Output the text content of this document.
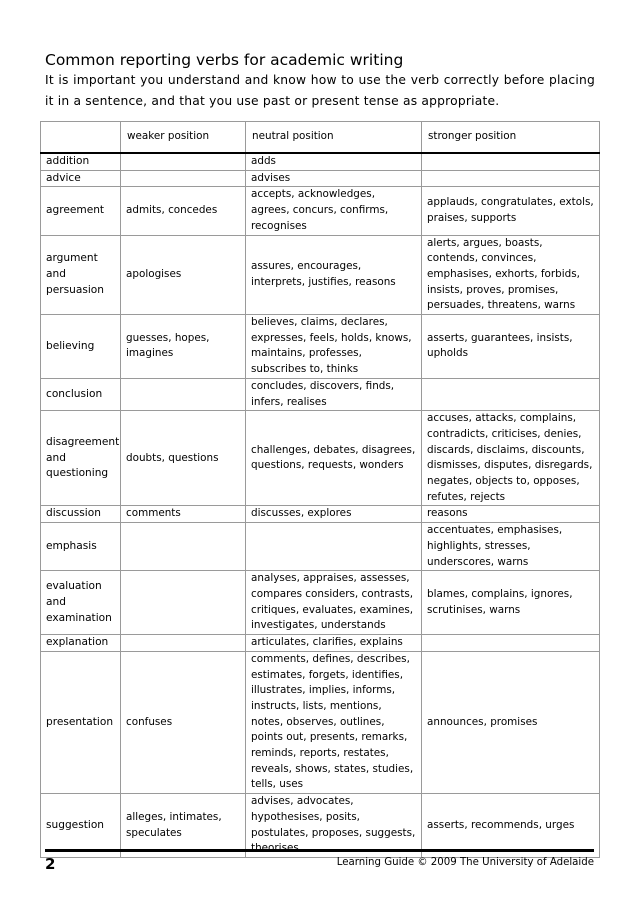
Common reporting verbs for academic writing
It is important you understand and know how to use the verb correctly before placing it in a sentence, and that you use past or present tense as appropriate.
	weaker position	neutral position	stronger position
addition		adds	
advice		advises	
agreement	admits, concedes	accepts, acknowledges, agrees, concurs, confirms, recognises	applauds, congratulates, extols, praises, supports
argument and persuasion	apologises	assures, encourages, interprets, justifies, reasons	alerts, argues, boasts, contends, convinces, emphasises, exhorts, forbids, insists, proves, promises, persuades, threatens, warns
believing	guesses, hopes, imagines	believes, claims, declares, expresses, feels, holds, knows, maintains, professes, subscribes to, thinks	asserts, guarantees, insists, upholds
conclusion		concludes, discovers, finds, infers, realises	
disagreement and questioning	doubts, questions	challenges, debates, disagrees, questions, requests, wonders	accuses, attacks, complains, contradicts, criticises, denies, discards, disclaims, discounts, dismisses, disputes, disregards, negates, objects to, opposes, refutes, rejects
discussion	comments	discusses, explores	reasons
emphasis			accentuates, emphasises, highlights, stresses, underscores, warns
evaluation and examination		analyses, appraises, assesses, compares considers, contrasts, critiques, evaluates, examines, investigates, understands	blames, complains, ignores, scrutinises, warns
explanation		articulates, clarifies, explains	
presentation	confuses	comments, defines, describes, estimates, forgets, identifies, illustrates, implies, informs, instructs, lists, mentions, notes, observes, outlines, points out, presents, remarks, reminds, reports, restates, reveals, shows, states, studies, tells, uses	announces, promises
suggestion	alleges, intimates, speculates	advises, advocates, hypothesises, posits, postulates, proposes, suggests,	asserts, recommends, urges
2	Learning Guide © 2009 The University of Adelaide
